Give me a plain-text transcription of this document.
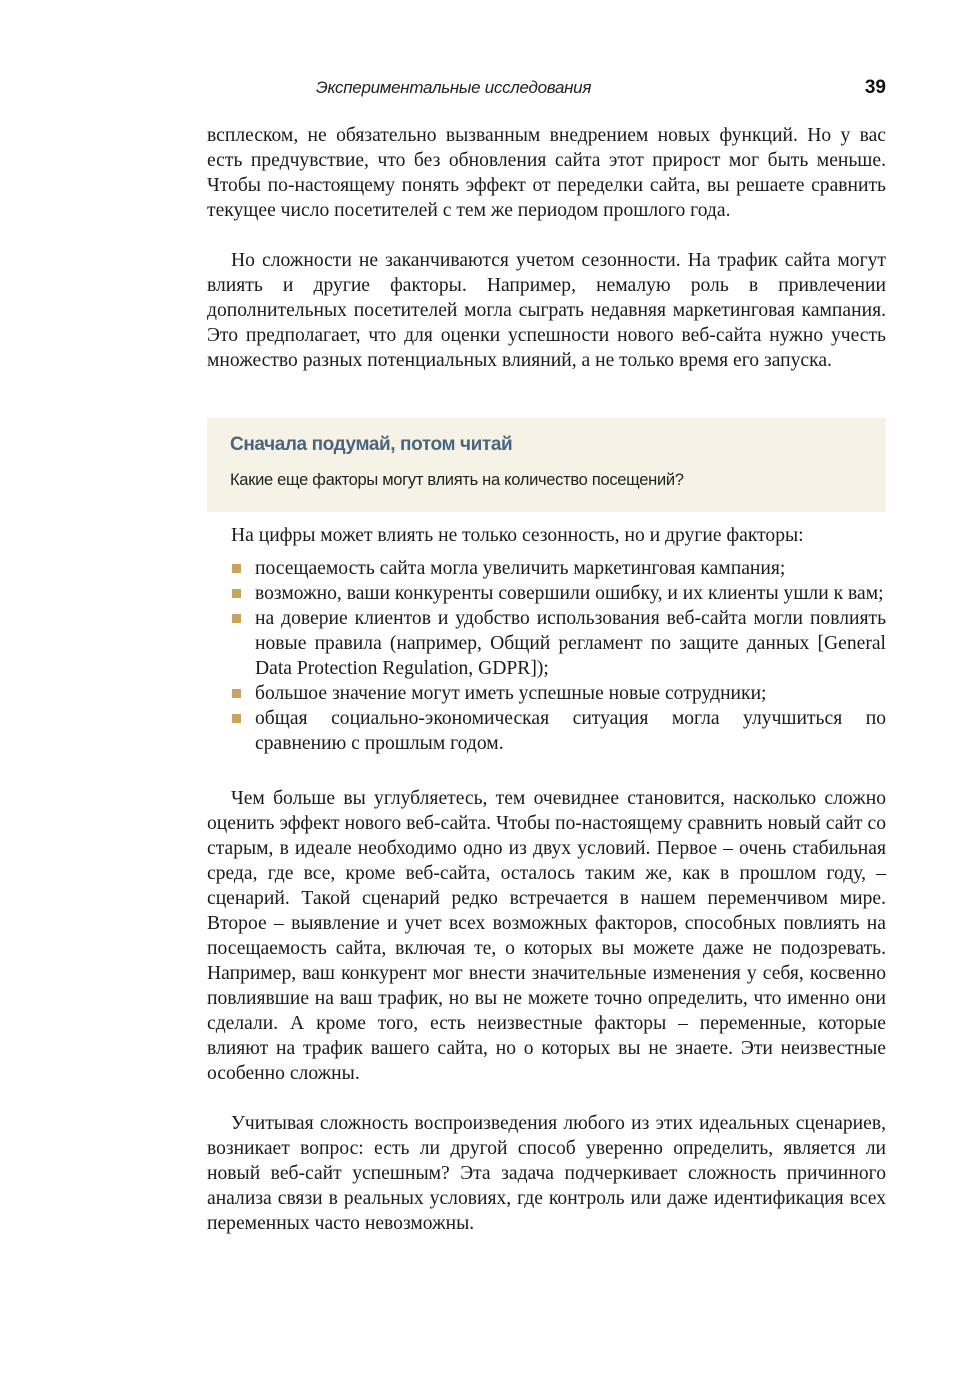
Экспериментальные исследования	39

всплеском, не обязательно вызванным внедрением новых функций. Но у вас есть предчувствие, что без обновления сайта этот прирост мог быть меньше. Чтобы по-настоящему понять эффект от переделки сайта, вы решаете сравнить текущее число посетителей с тем же периодом прошлого года.

Но сложности не заканчиваются учетом сезонности. На трафик сайта могут влиять и другие факторы. Например, немалую роль в привлечении дополнительных посетителей могла сыграть недавняя маркетинговая кампания. Это предполагает, что для оценки успешности нового веб-сайта нужно учесть множество разных потенциальных влияний, а не только время его запуска.

Сначала подумай, потом читай
Какие еще факторы могут влиять на количество посещений?

На цифры может влиять не только сезонность, но и другие факторы:

посещаемость сайта могла увеличить маркетинговая кампания;
возможно, ваши конкуренты совершили ошибку, и их клиенты ушли к вам;
на доверие клиентов и удобство использования веб-сайта могли повлиять новые правила (например, Общий регламент по защите данных [General Data Protection Regulation, GDPR]);
большое значение могут иметь успешные новые сотрудники;
общая социально-экономическая ситуация могла улучшиться по сравнению с прошлым годом.

Чем больше вы углубляетесь, тем очевиднее становится, насколько сложно оценить эффект нового веб-сайта. Чтобы по-настоящему сравнить новый сайт со старым, в идеале необходимо одно из двух условий. Первое – очень стабильная среда, где все, кроме веб-сайта, осталось таким же, как в прошлом году, – сценарий. Такой сценарий редко встречается в нашем переменчивом мире. Второе – выявление и учет всех возможных факторов, способных повлиять на посещаемость сайта, включая те, о которых вы можете даже не подозревать. Например, ваш конкурент мог внести значительные изменения у себя, косвенно повлиявшие на ваш трафик, но вы не можете точно определить, что именно они сделали. А кроме того, есть неизвестные факторы – переменные, которые влияют на трафик вашего сайта, но о которых вы не знаете. Эти неизвестные особенно сложны.

Учитывая сложность воспроизведения любого из этих идеальных сценариев, возникает вопрос: есть ли другой способ уверенно определить, является ли новый веб-сайт успешным? Эта задача подчеркивает сложность причинного анализа связи в реальных условиях, где контроль или даже идентификация всех переменных часто невозможны.
